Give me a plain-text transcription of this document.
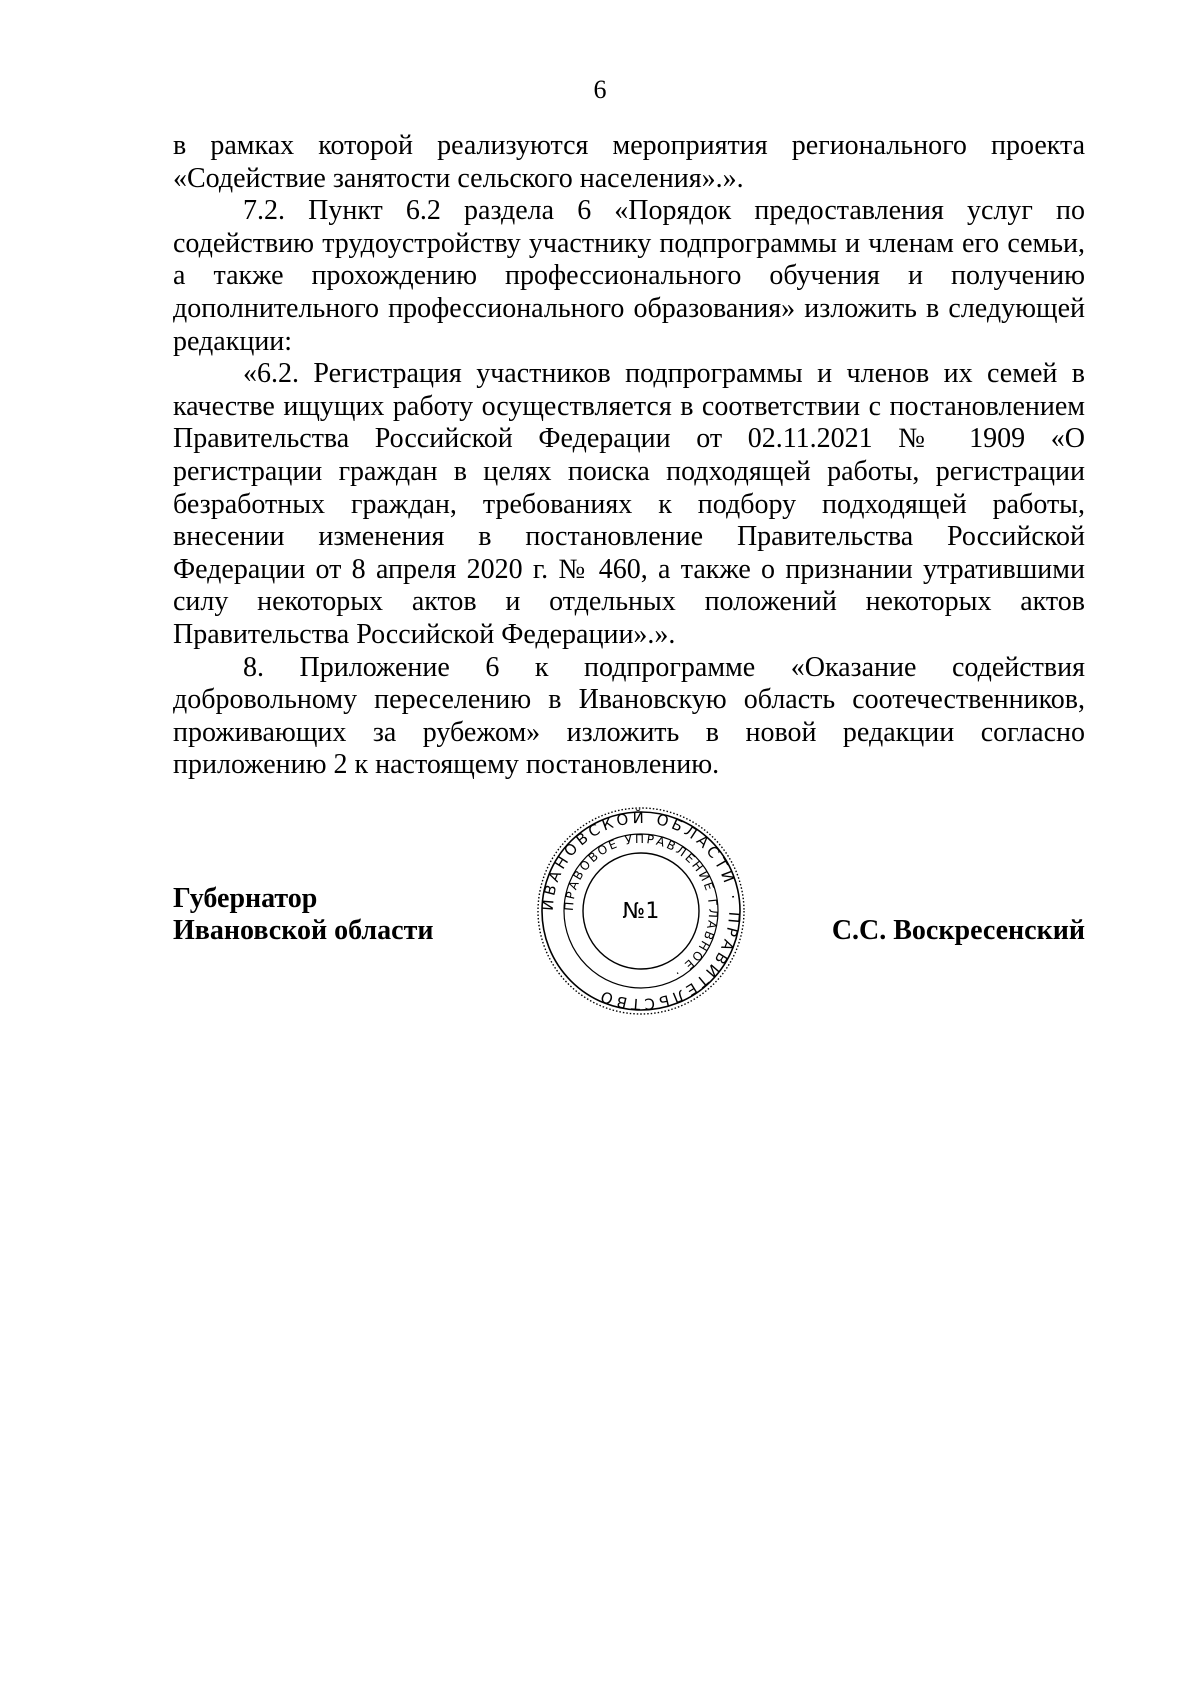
6

в рамках которой реализуются мероприятия регионального проекта «Содействие занятости сельского населения».».

7.2. Пункт 6.2 раздела 6 «Порядок предоставления услуг по содействию трудоустройству участнику подпрограммы и членам его семьи, а также прохождению профессионального обучения и получению дополнительного профессионального образования» изложить в следующей редакции:

«6.2. Регистрация участников подпрограммы и членов их семей в качестве ищущих работу осуществляется в соответствии с постановлением Правительства Российской Федерации от 02.11.2021 № 1909 «О регистрации граждан в целях поиска подходящей работы, регистрации безработных граждан, требованиях к подбору подходящей работы, внесении изменения в постановление Правительства Российской Федерации от 8 апреля 2020 г. № 460, а также о признании утратившими силу некоторых актов и отдельных положений некоторых актов Правительства Российской Федерации».».

8. Приложение 6 к подпрограмме «Оказание содействия добровольному переселению в Ивановскую область соотечественников, проживающих за рубежом» изложить в новой редакции согласно приложению 2 к настоящему постановлению.

Губернатор
Ивановской области	С.С. Воскресенский
ИВАНОВСКОЙ ОБЛАСТИ · ПРАВИТЕЛЬСТВО
ПРАВОВОЕ УПРАВЛЕНИЕ ГЛАВНОЕ ·
№1
